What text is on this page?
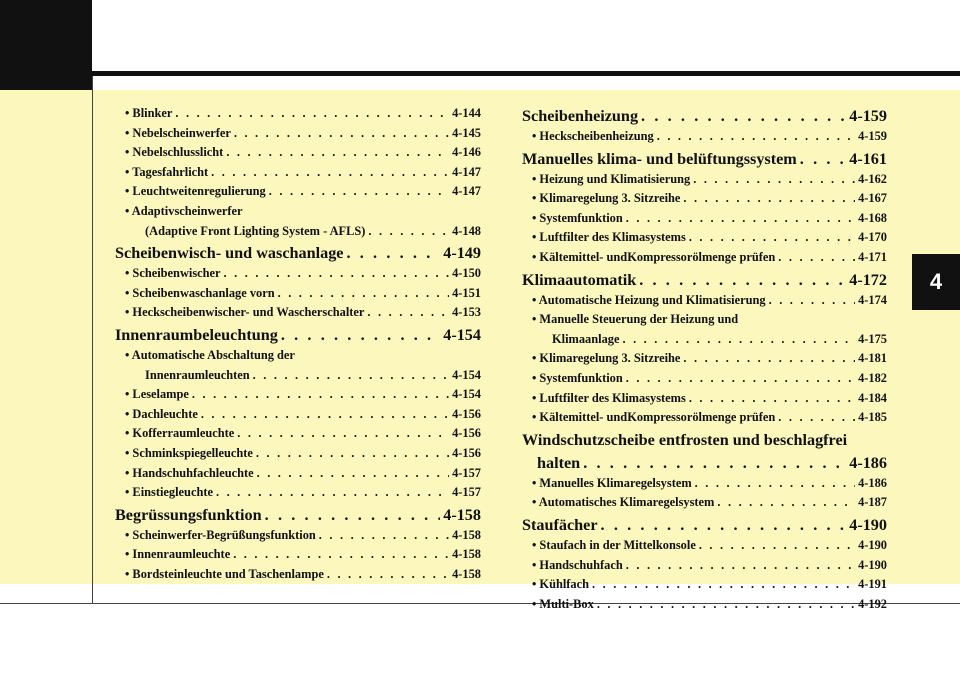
4
• Blinker . . .	4-144
• Nebelscheinwerfer . . .	4-145
• Nebelschlusslicht . . .	4-146
• Tagesfahrlicht . . .	4-147
• Leuchtweitenregulierung . . .	4-147
• Adaptivscheinwerfer
(Adaptive Front Lighting System - AFLS) . . .	4-148
Scheibenwisch- und waschanlage . . .	4-149
• Scheibenwischer . . .	4-150
• Scheibenwaschanlage vorn . . .	4-151
• Heckscheibenwischer- und Wascherschalter . . .	4-153
Innenraumbeleuchtung . . .	4-154
• Automatische Abschaltung der
Innenraumleuchten . . .	4-154
• Leselampe . . .	4-154
• Dachleuchte . . .	4-156
• Kofferraumleuchte . . .	4-156
• Schminkspiegelleuchte . . .	4-156
• Handschuhfachleuchte . . .	4-157
• Einstiegleuchte . . .	4-157
Begrüssungsfunktion . . .	4-158
• Scheinwerfer-Begrüßungsfunktion . . .	4-158
• Innenraumleuchte . . .	4-158
• Bordsteinleuchte und Taschenlampe . . .	4-158
Scheibenheizung . . .	4-159
• Heckscheibenheizung . . .	4-159
Manuelles klima- und belüftungssystem . . .	4-161
• Heizung und Klimatisierung . . .	4-162
• Klimaregelung 3. Sitzreihe . . .	4-167
• Systemfunktion . . .	4-168
• Luftfilter des Klimasystems . . .	4-170
• Kältemittel- undKompressorölmenge prüfen . . .	4-171
Klimaautomatik . . .	4-172
• Automatische Heizung und Klimatisierung . . .	4-174
• Manuelle Steuerung der Heizung und
Klimaanlage . . .	4-175
• Klimaregelung 3. Sitzreihe . . .	4-181
• Systemfunktion . . .	4-182
• Luftfilter des Klimasystems . . .	4-184
• Kältemittel- undKompressorölmenge prüfen . . .	4-185
Windschutzscheibe entfrosten und beschlagfrei
halten . . .	4-186
• Manuelles Klimaregelsystem . . .	4-186
• Automatisches Klimaregelsystem . . .	4-187
Staufächer . . .	4-190
• Staufach in der Mittelkonsole . . .	4-190
• Handschuhfach . . .	4-190
• Kühlfach . . .	4-191
• Multi-Box . . .	4-192
